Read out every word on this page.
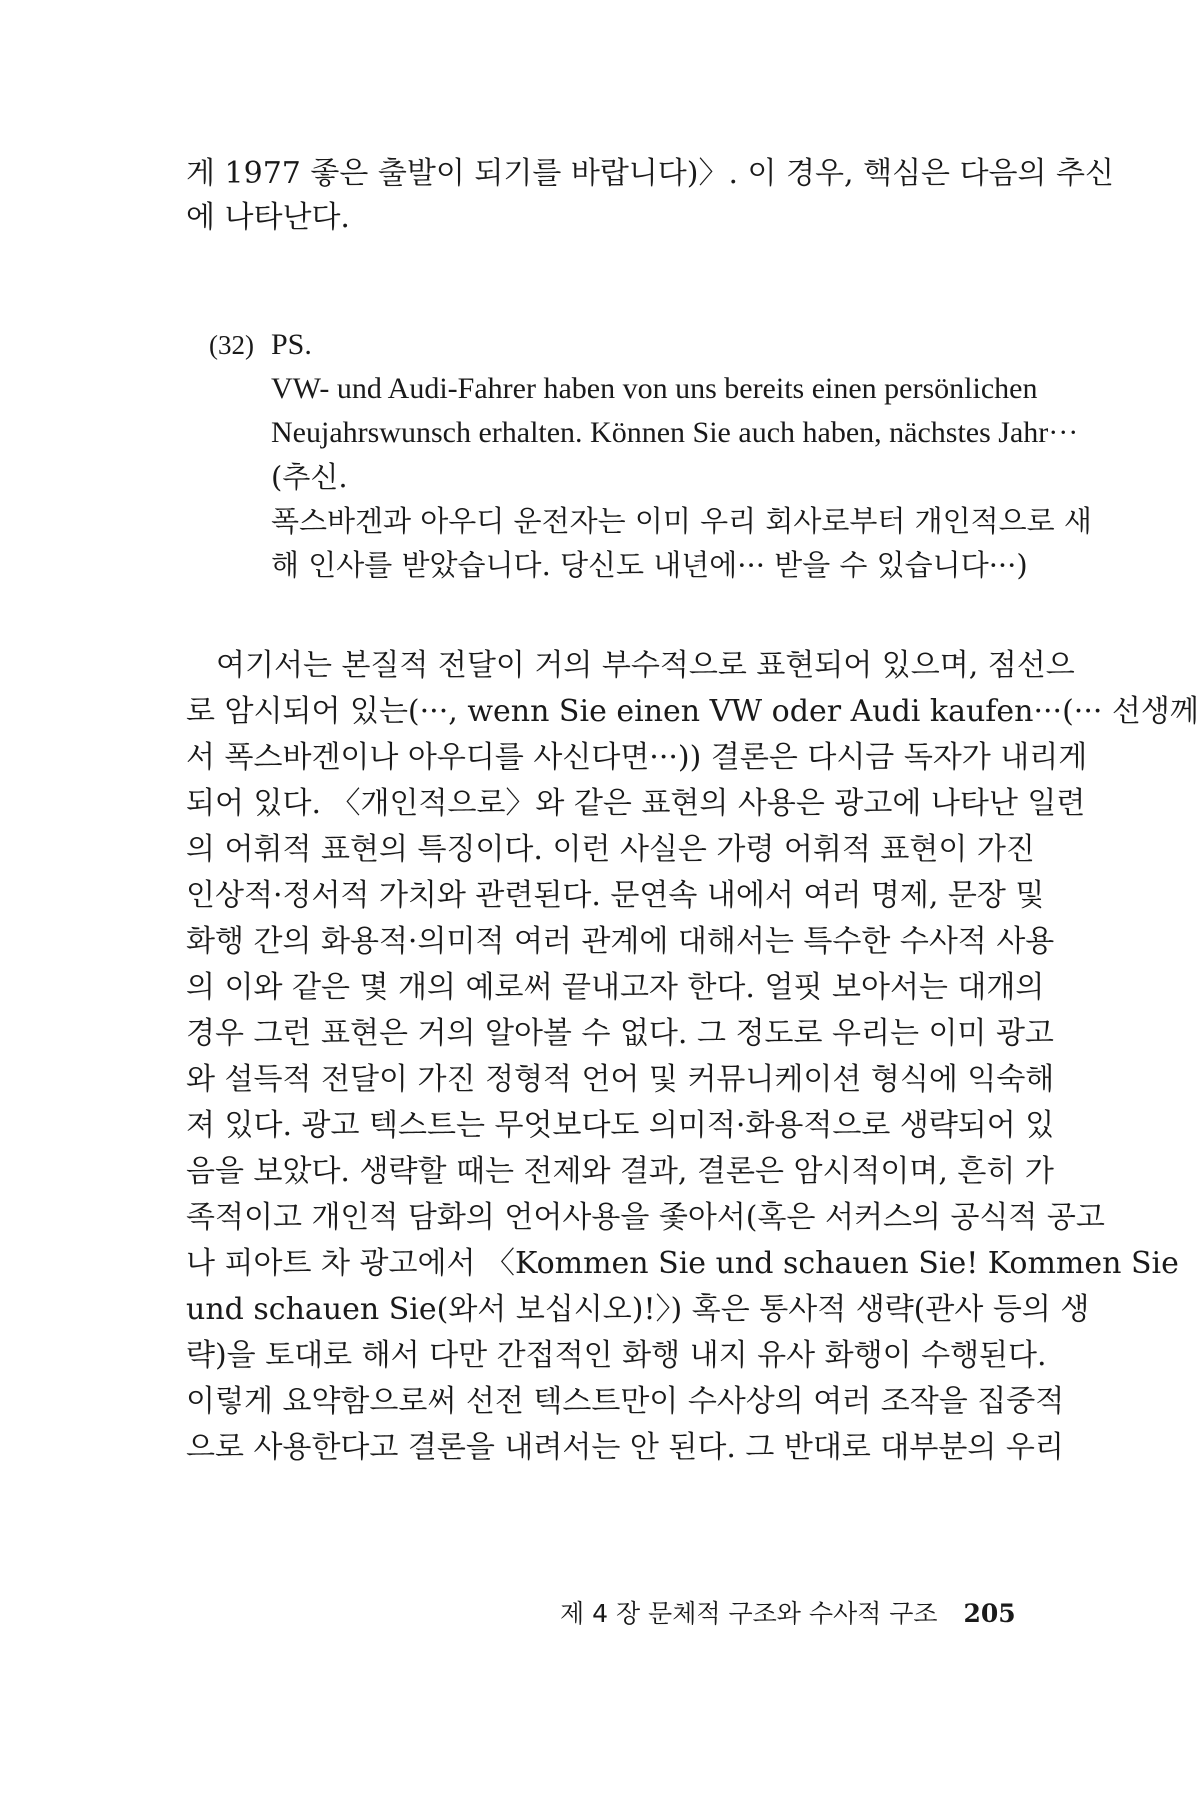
게 1977 좋은 출발이 되기를 바랍니다)〉. 이 경우, 핵심은 다음의 추신
에 나타난다.
(32) PS.
VW- und Audi-Fahrer haben von uns bereits einen persönlichen
Neujahrswunsch erhalten. Können Sie auch haben, nächstes Jahr···
(추신.
폭스바겐과 아우디 운전자는 이미 우리 회사로부터 개인적으로 새
해 인사를 받았습니다. 당신도 내년에··· 받을 수 있습니다···)
　여기서는 본질적 전달이 거의 부수적으로 표현되어 있으며, 점선으
로 암시되어 있는(···, wenn Sie einen VW oder Audi kaufen···(··· 선생께
서 폭스바겐이나 아우디를 사신다면···)) 결론은 다시금 독자가 내리게
되어 있다. 〈개인적으로〉와 같은 표현의 사용은 광고에 나타난 일련
의 어휘적 표현의 특징이다. 이런 사실은 가령 어휘적 표현이 가진
인상적·정서적 가치와 관련된다. 문연속 내에서 여러 명제, 문장 및
화행 간의 화용적·의미적 여러 관계에 대해서는 특수한 수사적 사용
의 이와 같은 몇 개의 예로써 끝내고자 한다. 얼핏 보아서는 대개의
경우 그런 표현은 거의 알아볼 수 없다. 그 정도로 우리는 이미 광고
와 설득적 전달이 가진 정형적 언어 및 커뮤니케이션 형식에 익숙해
져 있다. 광고 텍스트는 무엇보다도 의미적·화용적으로 생략되어 있
음을 보았다. 생략할 때는 전제와 결과, 결론은 암시적이며, 흔히 가
족적이고 개인적 담화의 언어사용을 좇아서(혹은 서커스의 공식적 공고
나 피아트 차 광고에서 〈Kommen Sie und schauen Sie! Kommen Sie
und schauen Sie(와서 보십시오)!〉) 혹은 통사적 생략(관사 등의 생
략)을 토대로 해서 다만 간접적인 화행 내지 유사 화행이 수행된다.
이렇게 요약함으로써 선전 텍스트만이 수사상의 여러 조작을 집중적
으로 사용한다고 결론을 내려서는 안 된다. 그 반대로 대부분의 우리
제 4 장 문체적 구조와 수사적 구조 205
